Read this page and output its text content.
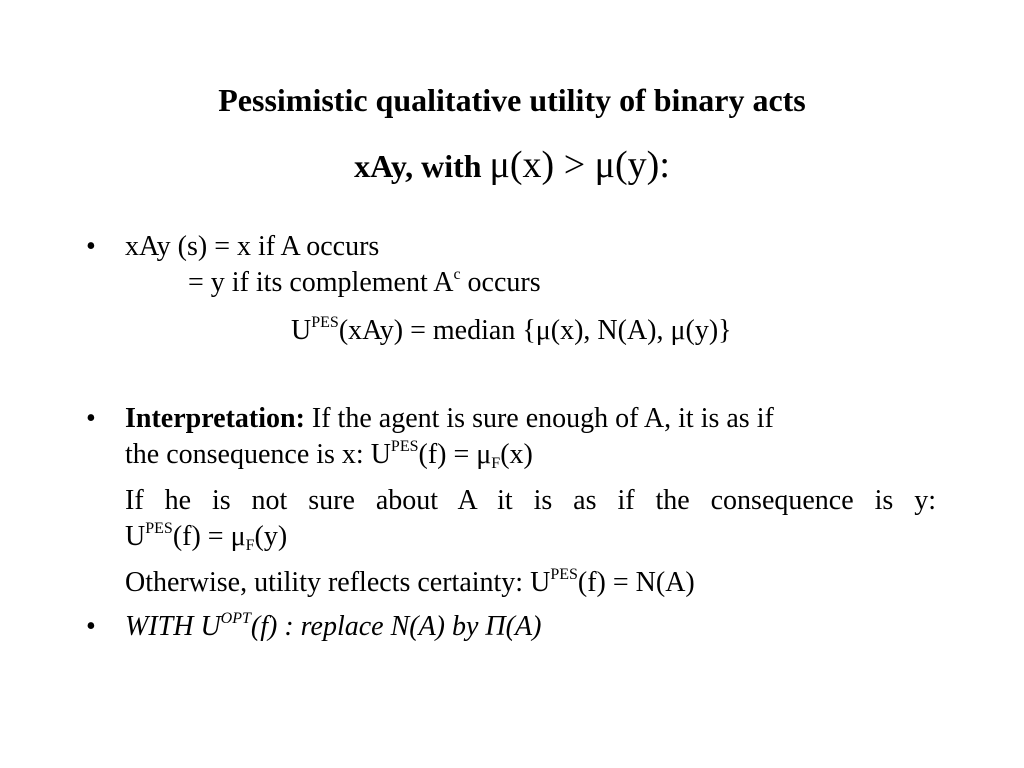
Pessimistic qualitative utility of binary acts
xAy, with μ(x) > μ(y):
• xAy (s) = x if A occurs
= y if its complement $A^c$ occurs
$U^{PES}(xAy)$ = median {μ(x), N(A), μ(y)}
• Interpretation: If the agent is sure enough of A, it is as if
the consequence is x: $U^{PES}(f) = \mu_F(x)$
If he is not sure about A it is as if the consequence is y:
$U^{PES}(f) = \mu_F(y)$
Otherwise, utility reflects certainty: $U^{PES}(f) = N(A)$
• WITH $U^{OPT}(f)$ : replace N(A) by Π(A)
